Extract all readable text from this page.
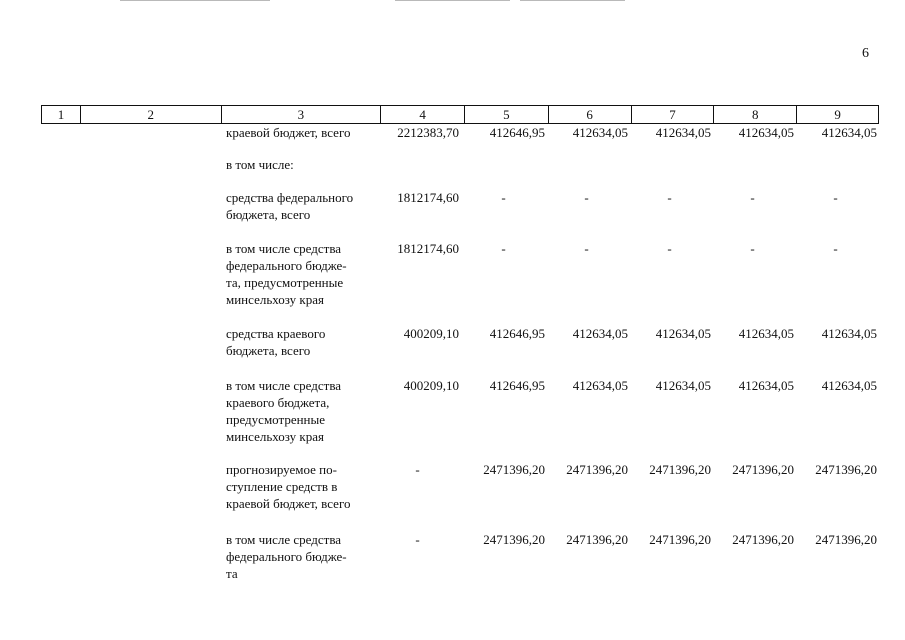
6
1	2	3	4	5	6	7	8	9
краевой бюджет, всего	2212383,70	412646,95	412634,05	412634,05	412634,05	412634,05
в том числе:
средства федерального
бюджета, всего
1812174,60	-	-	-	-	-
в том числе средства
федерального бюдже-
та, предусмотренные
минсельхозу края
1812174,60	-	-	-	-	-
средства краевого
бюджета, всего
400209,10	412646,95	412634,05	412634,05	412634,05	412634,05
в том числе средства
краевого бюджета,
предусмотренные
минсельхозу края
400209,10	412646,95	412634,05	412634,05	412634,05	412634,05
прогнозируемое по-
ступление средств в
краевой бюджет, всего
-	2471396,20	2471396,20	2471396,20	2471396,20	2471396,20
в том числе средства
федерального бюдже-
та
-	2471396,20	2471396,20	2471396,20	2471396,20	2471396,20
